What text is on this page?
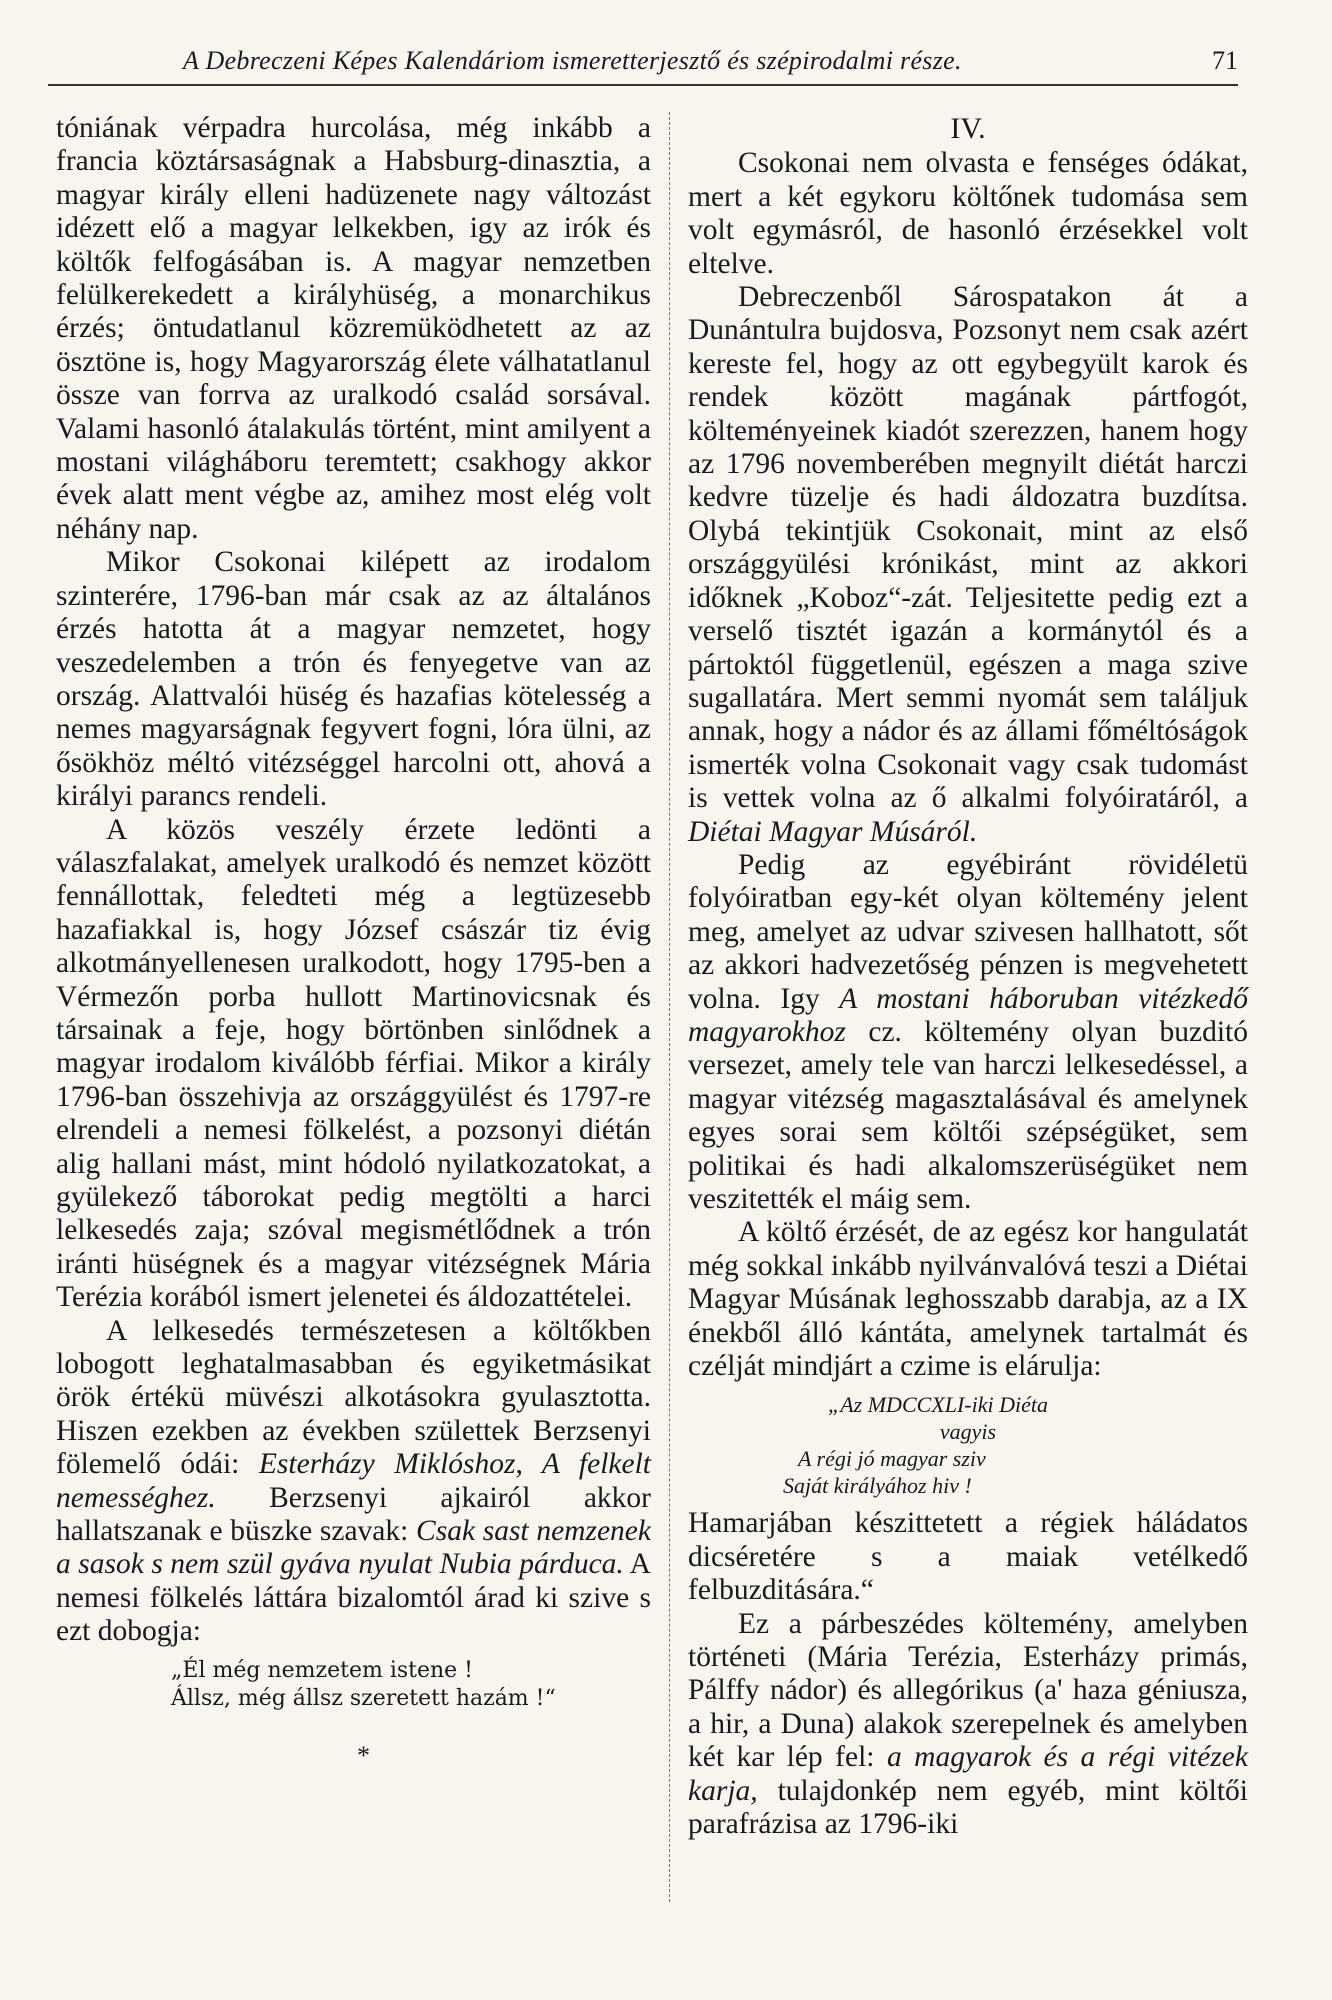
A Debreczeni Képes Kalendáriom ismeretterjesztő és szépirodalmi része.	71

tóniának vérpadra hurcolása, még inkább a francia köztársaságnak a Habsburg-dinasztia, a magyar király elleni hadüzenete nagy változást idézett elő a magyar lelkekben, igy az irók és költők felfogásában is. A magyar nemzetben felülkerekedett a királyhüség, a monarchikus érzés; öntudatlanul közremüködhetett az az ösztöne is, hogy Magyarország élete válhatatlanul össze van forrva az uralkodó család sorsával. Valami hasonló átalakulás történt, mint amilyent a mostani világháboru teremtett; csakhogy akkor évek alatt ment végbe az, amihez most elég volt néhány nap.

Mikor Csokonai kilépett az irodalom szinterére, 1796-ban már csak az az általános érzés hatotta át a magyar nemzetet, hogy veszedelemben a trón és fenyegetve van az ország. Alattvalói hüség és hazafias kötelesség a nemes magyarságnak fegyvert fogni, lóra ülni, az ősökhöz méltó vitézséggel harcolni ott, ahová a királyi parancs rendeli.

A közös veszély érzete ledönti a válaszfalakat, amelyek uralkodó és nemzet között fennállottak, feledteti még a legtüzesebb hazafiakkal is, hogy József császár tiz évig alkotmányellenesen uralkodott, hogy 1795-ben a Vérmezőn porba hullott Martinovicsnak és társainak a feje, hogy börtönben sinlődnek a magyar irodalom kiválóbb férfiai. Mikor a király 1796-ban összehivja az országgyülést és 1797-re elrendeli a nemesi fölkelést, a pozsonyi diétán alig hallani mást, mint hódoló nyilatkozatokat, a gyülekező táborokat pedig megtölti a harci lelkesedés zaja; szóval megismétlődnek a trón iránti hüségnek és a magyar vitézségnek Mária Terézia korából ismert jelenetei és áldozattételei.

A lelkesedés természetesen a költőkben lobogott leghatalmasabban és egyiketmásikat örök értékü müvészi alkotásokra gyulasztotta. Hiszen ezekben az években születtek Berzsenyi fölemelő ódái: Esterházy Miklóshoz, A felkelt nemességhez. Berzsenyi ajkairól akkor hallatszanak e büszke szavak: Csak sast nemzenek a sasok s nem szül gyáva nyulat Nubia párduca. A nemesi fölkelés láttára bizalomtól árad ki szive s ezt dobogja:

„Él még nemzetem istene !
Állsz, még állsz szeretett hazám !“
*
IV.

Csokonai nem olvasta e fenséges ódákat, mert a két egykoru költőnek tudomása sem volt egymásról, de hasonló érzésekkel volt eltelve.

Debreczenből Sárospatakon át a Dunántulra bujdosva, Pozsonyt nem csak azért kereste fel, hogy az ott egybegyült karok és rendek között magának pártfogót, költeményeinek kiadót szerezzen, hanem hogy az 1796 novemberében megnyilt diétát harczi kedvre tüzelje és hadi áldozatra buzdítsa. Olybá tekintjük Csokonait, mint az első országgyülési krónikást, mint az akkori időknek „Koboz“-zát. Teljesitette pedig ezt a verselő tisztét igazán a kormánytól és a pártoktól függetlenül, egészen a maga szive sugallatára. Mert semmi nyomát sem találjuk annak, hogy a nádor és az állami főméltóságok ismerték volna Csokonait vagy csak tudomást is vettek volna az ő alkalmi folyóiratáról, a Diétai Magyar Músáról.

Pedig az egyébiránt rövidéletü folyóiratban egy-két olyan költemény jelent meg, amelyet az udvar szivesen hallhatott, sőt az akkori hadvezetőség pénzen is megvehetett volna. Igy A mostani háboruban vitézkedő magyarokhoz cz. költemény olyan buzditó versezet, amely tele van harczi lelkesedéssel, a magyar vitézség magasztalásával és amelynek egyes sorai sem költői szépségüket, sem politikai és hadi alkalomszerüségüket nem veszitették el máig sem.

A költő érzését, de az egész kor hangulatát még sokkal inkább nyilvánvalóvá teszi a Diétai Magyar Músának leghosszabb darabja, az a IX énekből álló kántáta, amelynek tartalmát és czélját mindjárt a czime is elárulja:

„Az MDCCXLI-iki Diéta
vagyis
A régi jó magyar sziv
Saját királyához hiv !

Hamarjában készittetett a régiek háládatos dicséretére s a maiak vetélkedő felbuzditására.“

Ez a párbeszédes költemény, amelyben történeti (Mária Terézia, Esterházy primás, Pálffy nádor) és allegórikus (a' haza géniusza, a hir, a Duna) alakok szerepelnek és amelyben két kar lép fel: a magyarok és a régi vitézek karja, tulajdonkép nem egyéb, mint költői parafrázisa az 1796-iki
